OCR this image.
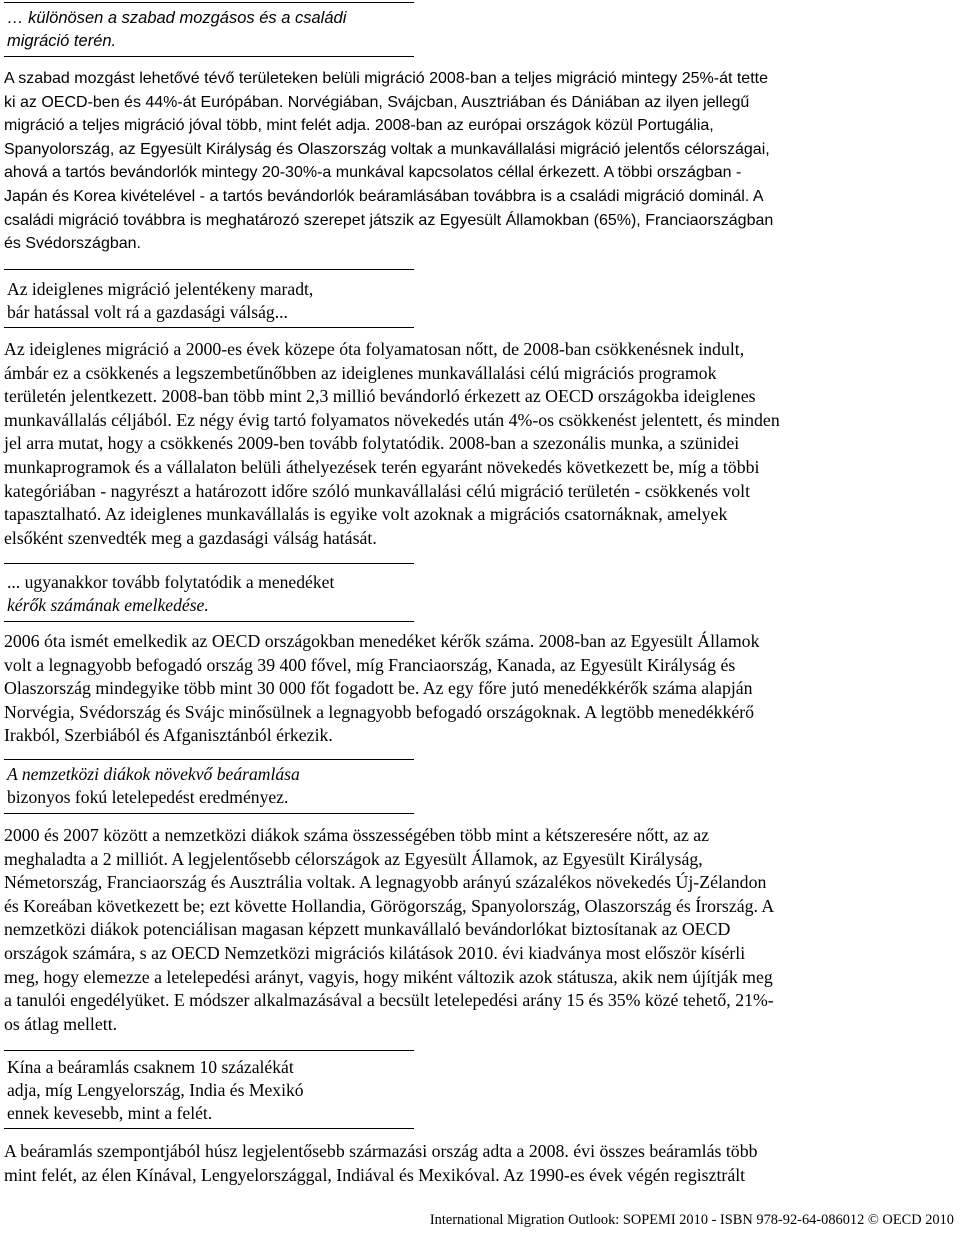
… különösen a szabad mozgásos és a családi
migráció terén.
A szabad mozgást lehetővé tévő területeken belüli migráció 2008-ban a teljes migráció mintegy 25%-át tette
ki az OECD-ben és 44%-át Európában. Norvégiában, Svájcban, Ausztriában és Dániában az ilyen jellegű
migráció a teljes migráció jóval több, mint felét adja. 2008-ban az európai országok közül Portugália,
Spanyolország, az Egyesült Királyság és Olaszország voltak a munkavállalási migráció jelentős célországai,
ahová a tartós bevándorlók mintegy 20-30%-a munkával kapcsolatos céllal érkezett. A többi országban -
Japán és Korea kivételével - a tartós bevándorlók beáramlásában továbbra is a családi migráció dominál. A
családi migráció továbbra is meghatározó szerepet játszik az Egyesült Államokban (65%), Franciaországban
és Svédországban.
Az ideiglenes migráció jelentékeny maradt,
bár hatással volt rá a gazdasági válság...
Az ideiglenes migráció a 2000-es évek közepe óta folyamatosan nőtt, de 2008-ban csökkenésnek indult,
ámbár ez a csökkenés a legszembetűnőbben az ideiglenes munkavállalási célú migrációs programok
területén jelentkezett. 2008-ban több mint 2,3 millió bevándorló érkezett az OECD országokba ideiglenes
munkavállalás céljából. Ez négy évig tartó folyamatos növekedés után 4%-os csökkenést jelentett, és minden
jel arra mutat, hogy a csökkenés 2009-ben tovább folytatódik. 2008-ban a szezonális munka, a szünidei
munkaprogramok és a vállalaton belüli áthelyezések terén egyaránt növekedés következett be, míg a többi
kategóriában - nagyrészt a határozott időre szóló munkavállalási célú migráció területén - csökkenés volt
tapasztalható. Az ideiglenes munkavállalás is egyike volt azoknak a migrációs csatornáknak, amelyek
elsőként szenvedték meg a gazdasági válság hatását.
... ugyanakkor tovább folytatódik a menedéket
kérők számának emelkedése.
2006 óta ismét emelkedik az OECD országokban menedéket kérők száma. 2008-ban az Egyesült Államok
volt a legnagyobb befogadó ország 39 400 fővel, míg Franciaország, Kanada, az Egyesült Királyság és
Olaszország mindegyike több mint 30 000 főt fogadott be. Az egy főre jutó menedékkérők száma alapján
Norvégia, Svédország és Svájc minősülnek a legnagyobb befogadó országoknak. A legtöbb menedékkérő
Irakból, Szerbiából és Afganisztánból érkezik.
A nemzetközi diákok növekvő beáramlása
bizonyos fokú letelepedést eredményez.
2000 és 2007 között a nemzetközi diákok száma összességében több mint a kétszeresére nőtt, az az
meghaladta a 2 milliót. A legjelentősebb célországok az Egyesült Államok, az Egyesült Királyság,
Németország, Franciaország és Ausztrália voltak. A legnagyobb arányú százalékos növekedés Új-Zélandon
és Koreában következett be; ezt követte Hollandia, Görögország, Spanyolország, Olaszország és Írország. A
nemzetközi diákok potenciálisan magasan képzett munkavállaló bevándorlókat biztosítanak az OECD
országok számára, s az OECD Nemzetközi migrációs kilátások 2010. évi kiadványa most először kísérli
meg, hogy elemezze a letelepedési arányt, vagyis, hogy miként változik azok státusza, akik nem újítják meg
a tanulói engedélyüket. E módszer alkalmazásával a becsült letelepedési arány 15 és 35% közé tehető, 21%-
os átlag mellett.
Kína a beáramlás csaknem 10 százalékát
adja, míg Lengyelország, India és Mexikó
ennek kevesebb, mint a felét.
A beáramlás szempontjából húsz legjelentősebb származási ország adta a 2008. évi összes beáramlás több
mint felét, az élen Kínával, Lengyelországgal, Indiával és Mexikóval. Az 1990-es évek végén regisztrált
International Migration Outlook: SOPEMI 2010 - ISBN 978-92-64-086012 © OECD 2010
